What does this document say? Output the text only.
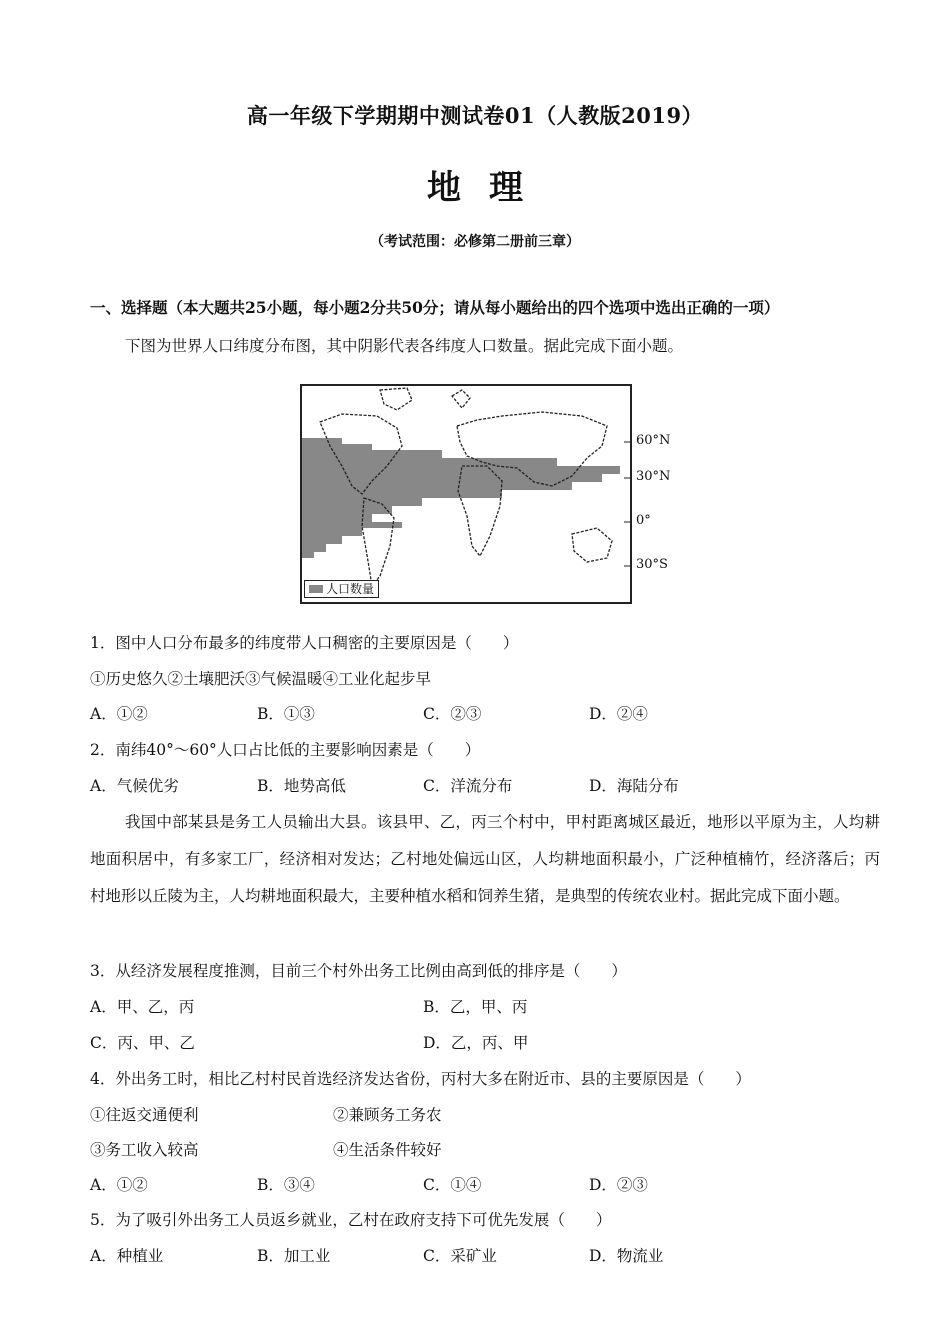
高一年级下学期期中测试卷01（人教版2019）
地理
（考试范围：必修第二册前三章）
一、选择题（本大题共25小题，每小题2分共50分；请从每小题给出的四个选项中选出正确的一项）
下图为世界人口纬度分布图，其中阴影代表各纬度人口数量。据此完成下面小题。
人口数量
60°N
30°N
0°
30°S
1．图中人口分布最多的纬度带人口稠密的主要原因是（　　）
①历史悠久②土壤肥沃③气候温暖④工业化起步早
A．①②	B．①③	C．②③	D．②④
2．南纬40°～60°人口占比低的主要影响因素是（　　）
A．气候优劣	B．地势高低	C．洋流分布	D．海陆分布
我国中部某县是务工人员输出大县。该县甲、乙，丙三个村中，甲村距离城区最近，地形以平原为主，人均耕地面积居中，有多家工厂，经济相对发达；乙村地处偏远山区，人均耕地面积最小，广泛种植楠竹，经济落后；丙村地形以丘陵为主，人均耕地面积最大，主要种植水稻和饲养生猪，是典型的传统农业村。据此完成下面小题。
3．从经济发展程度推测，目前三个村外出务工比例由高到低的排序是（　　）
A．甲、乙，丙	B．乙，甲、丙
C．丙、甲、乙	D．乙，丙、甲
4．外出务工时，相比乙村村民首选经济发达省份，丙村大多在附近市、县的主要原因是（　　）
①往返交通便利	②兼顾务工务农
③务工收入较高	④生活条件较好
A．①②	B．③④	C．①④	D．②③
5．为了吸引外出务工人员返乡就业，乙村在政府支持下可优先发展（　　）
A．种植业	B．加工业	C．采矿业	D．物流业
